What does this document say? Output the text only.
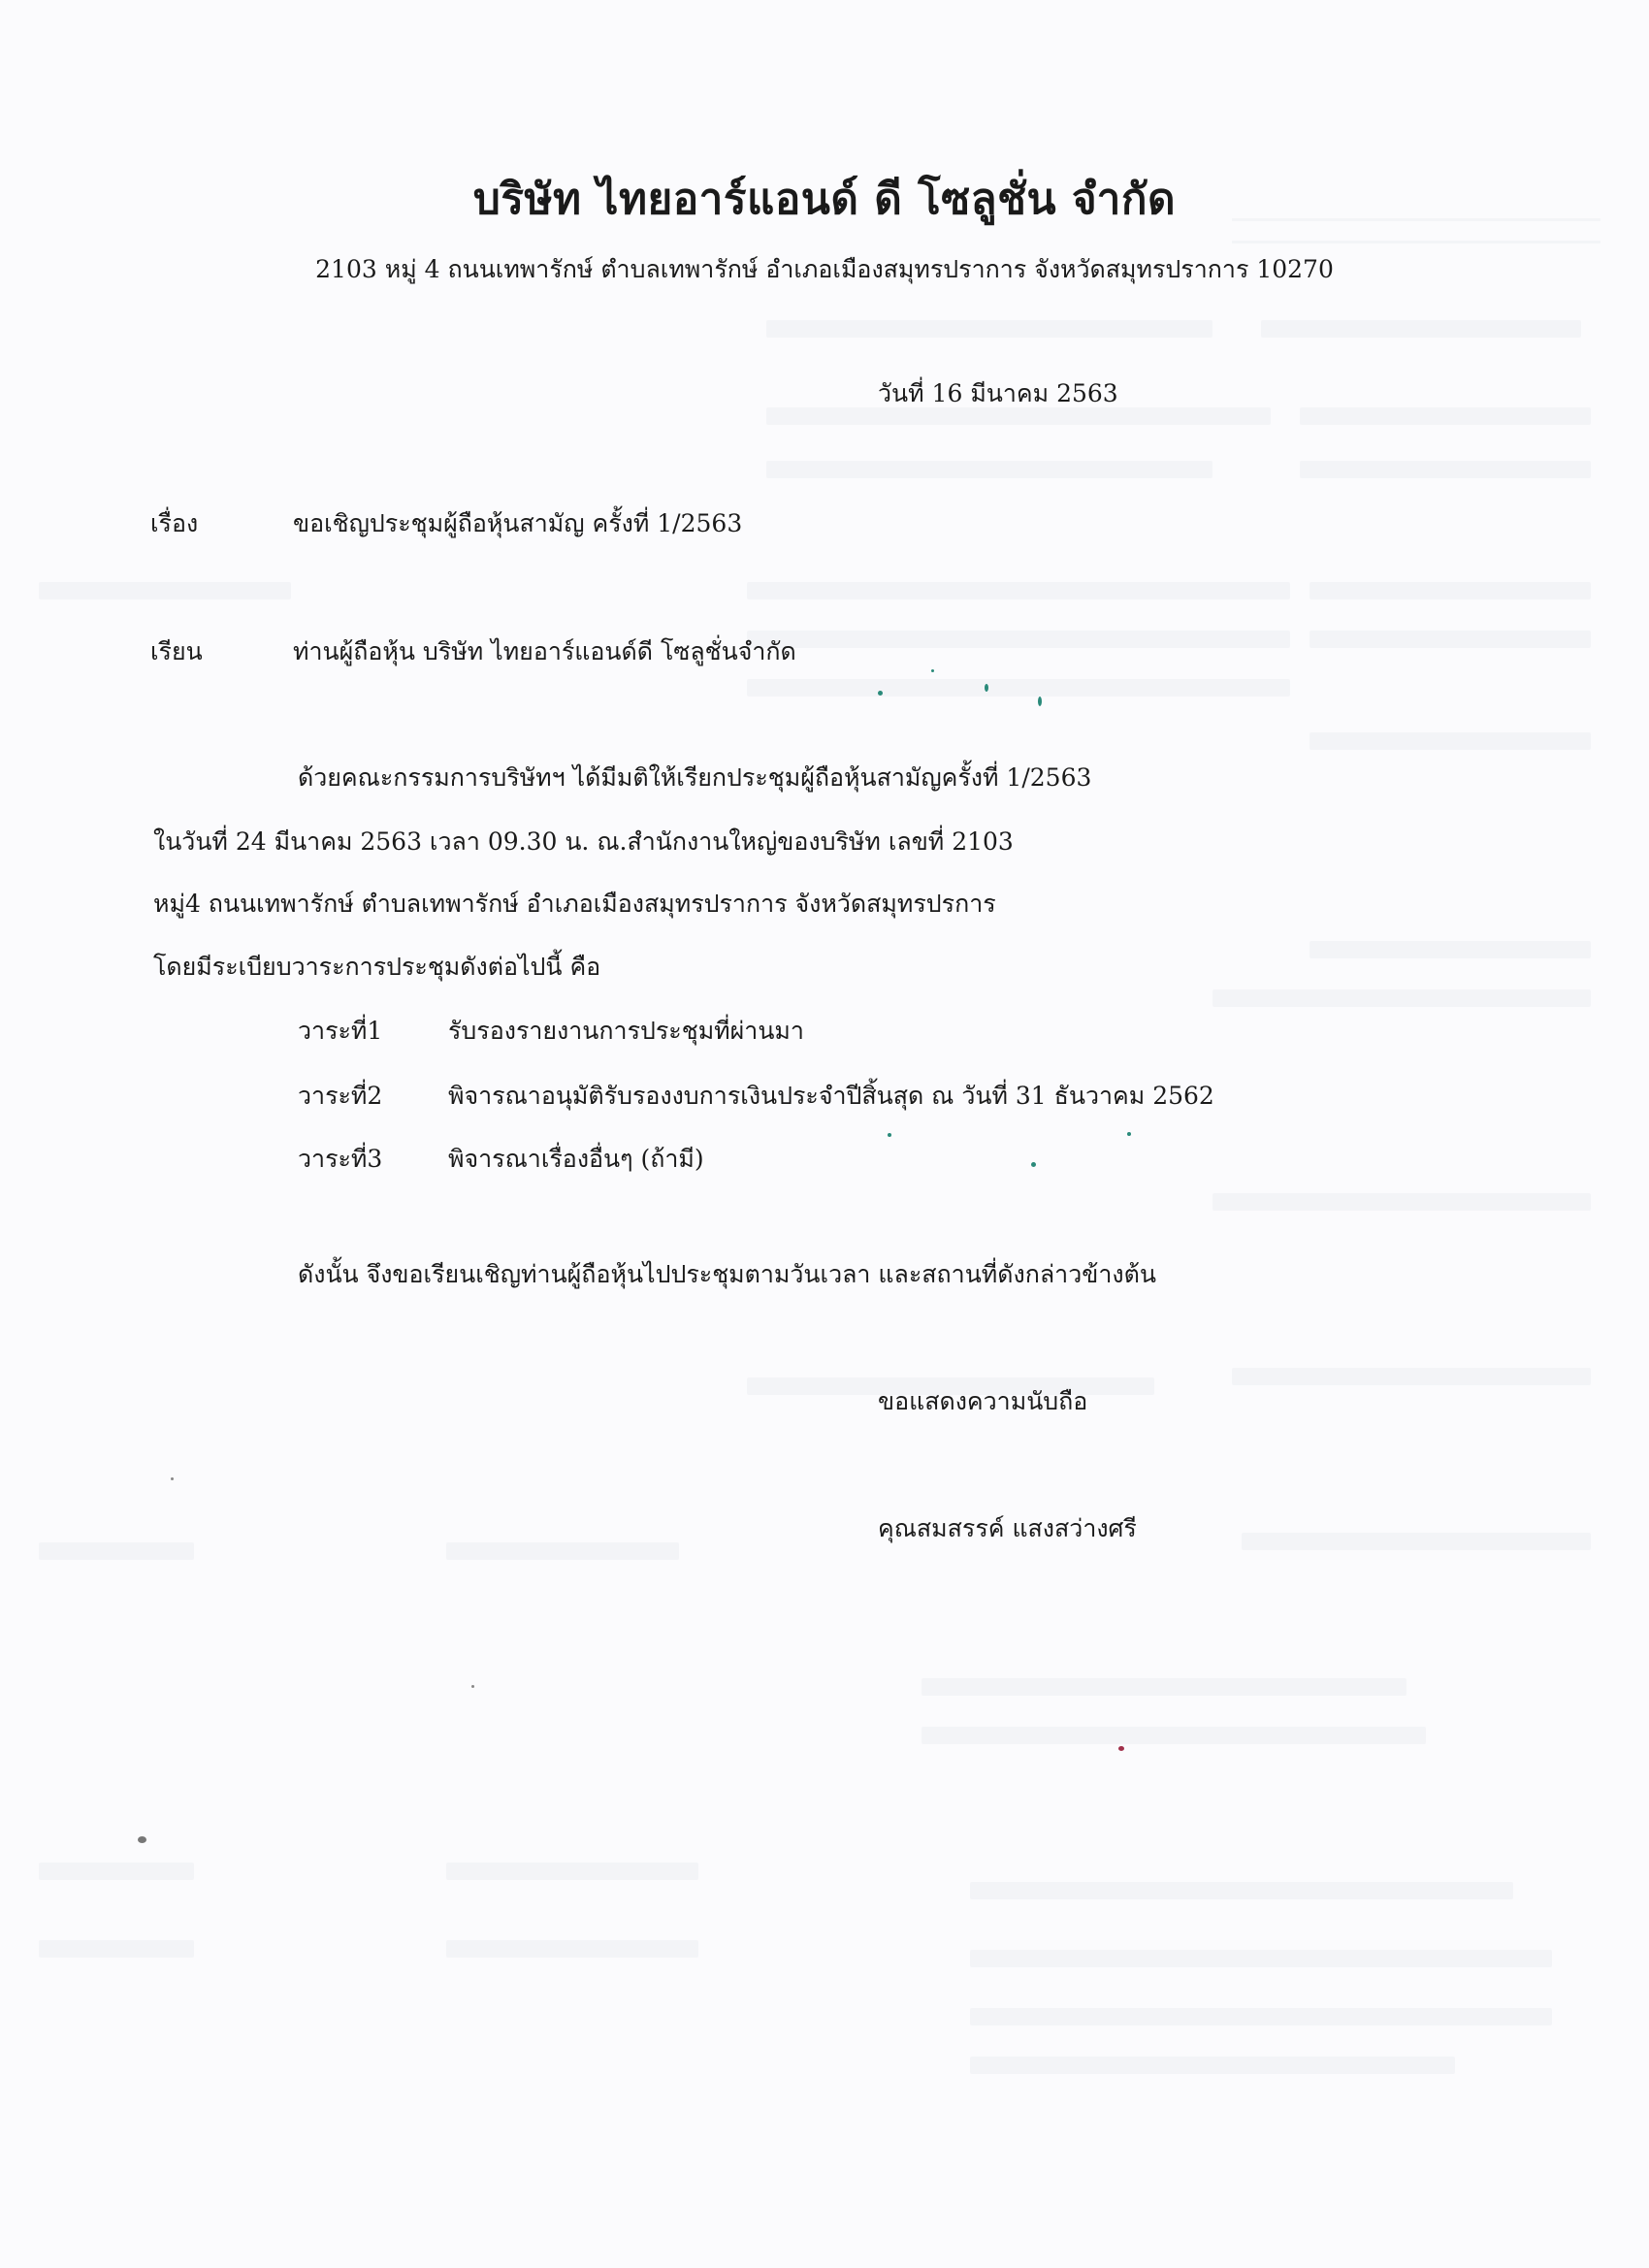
บริษัท ไทยอาร์แอนด์ ดี โซลูชั่น จำกัด
2103 หมู่ 4 ถนนเทพารักษ์ ตำบลเทพารักษ์ อำเภอเมืองสมุทรปราการ จังหวัดสมุทรปราการ 10270
วันที่ 16 มีนาคม 2563
เรื่อง	ขอเชิญประชุมผู้ถือหุ้นสามัญ ครั้งที่ 1/2563
เรียน	ท่านผู้ถือหุ้น บริษัท ไทยอาร์แอนด์ดี โซลูชั่นจำกัด
ด้วยคณะกรรมการบริษัทฯ ได้มีมติให้เรียกประชุมผู้ถือหุ้นสามัญครั้งที่ 1/2563
ในวันที่ 24 มีนาคม 2563 เวลา 09.30 น. ณ.สำนักงานใหญ่ของบริษัท เลขที่ 2103
หมู่4 ถนนเทพารักษ์ ตำบลเทพารักษ์ อำเภอเมืองสมุทรปราการ จังหวัดสมุทรปรการ
โดยมีระเบียบวาระการประชุมดังต่อไปนี้ คือ
วาระที่1	รับรองรายงานการประชุมที่ผ่านมา
วาระที่2	พิจารณาอนุมัติรับรองงบการเงินประจำปีสิ้นสุด ณ วันที่ 31 ธันวาคม 2562
วาระที่3	พิจารณาเรื่องอื่นๆ (ถ้ามี)
ดังนั้น จึงขอเรียนเชิญท่านผู้ถือหุ้นไปประชุมตามวันเวลา และสถานที่ดังกล่าวข้างต้น
ขอแสดงความนับถือ
คุณสมสรรค์ แสงสว่างศรี
